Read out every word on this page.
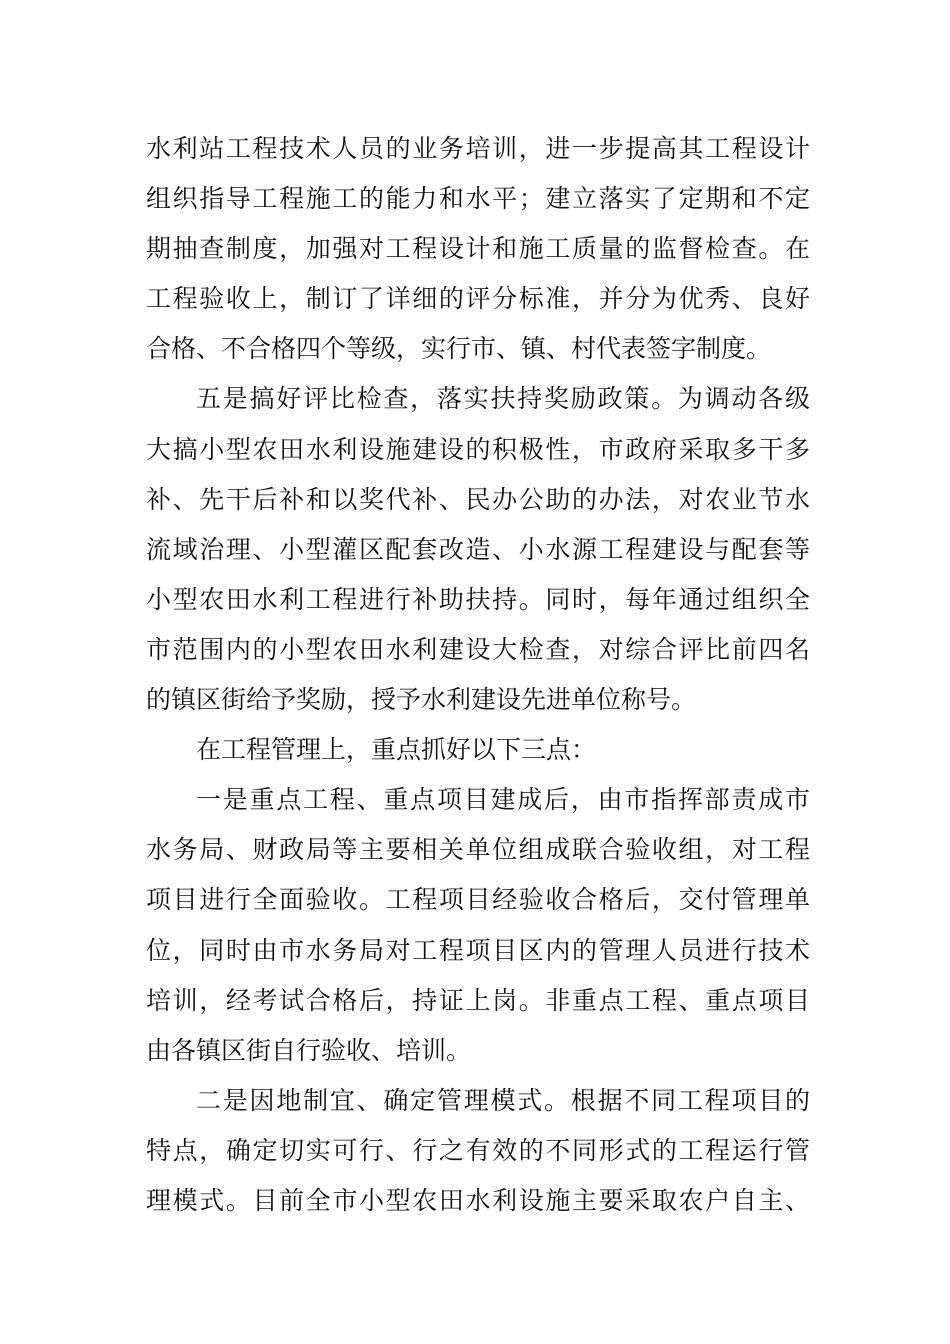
水利站工程技术人员的业务培训，进一步提高其工程设计
组织指导工程施工的能力和水平；建立落实了定期和不定
期抽查制度，加强对工程设计和施工质量的监督检查。在
工程验收上，制订了详细的评分标准，并分为优秀、良好
合格、不合格四个等级，实行市、镇、村代表签字制度。
五是搞好评比检查，落实扶持奖励政策。为调动各级
大搞小型农田水利设施建设的积极性，市政府采取多干多
补、先干后补和以奖代补、民办公助的办法，对农业节水
流域治理、小型灌区配套改造、小水源工程建设与配套等
小型农田水利工程进行补助扶持。同时，每年通过组织全
市范围内的小型农田水利建设大检查，对综合评比前四名
的镇区街给予奖励，授予水利建设先进单位称号。
在工程管理上，重点抓好以下三点：
一是重点工程、重点项目建成后，由市指挥部责成市
水务局、财政局等主要相关单位组成联合验收组，对工程
项目进行全面验收。工程项目经验收合格后，交付管理单
位，同时由市水务局对工程项目区内的管理人员进行技术
培训，经考试合格后，持证上岗。非重点工程、重点项目
由各镇区街自行验收、培训。
二是因地制宜、确定管理模式。根据不同工程项目的
特点，确定切实可行、行之有效的不同形式的工程运行管
理模式。目前全市小型农田水利设施主要采取农户自主、
